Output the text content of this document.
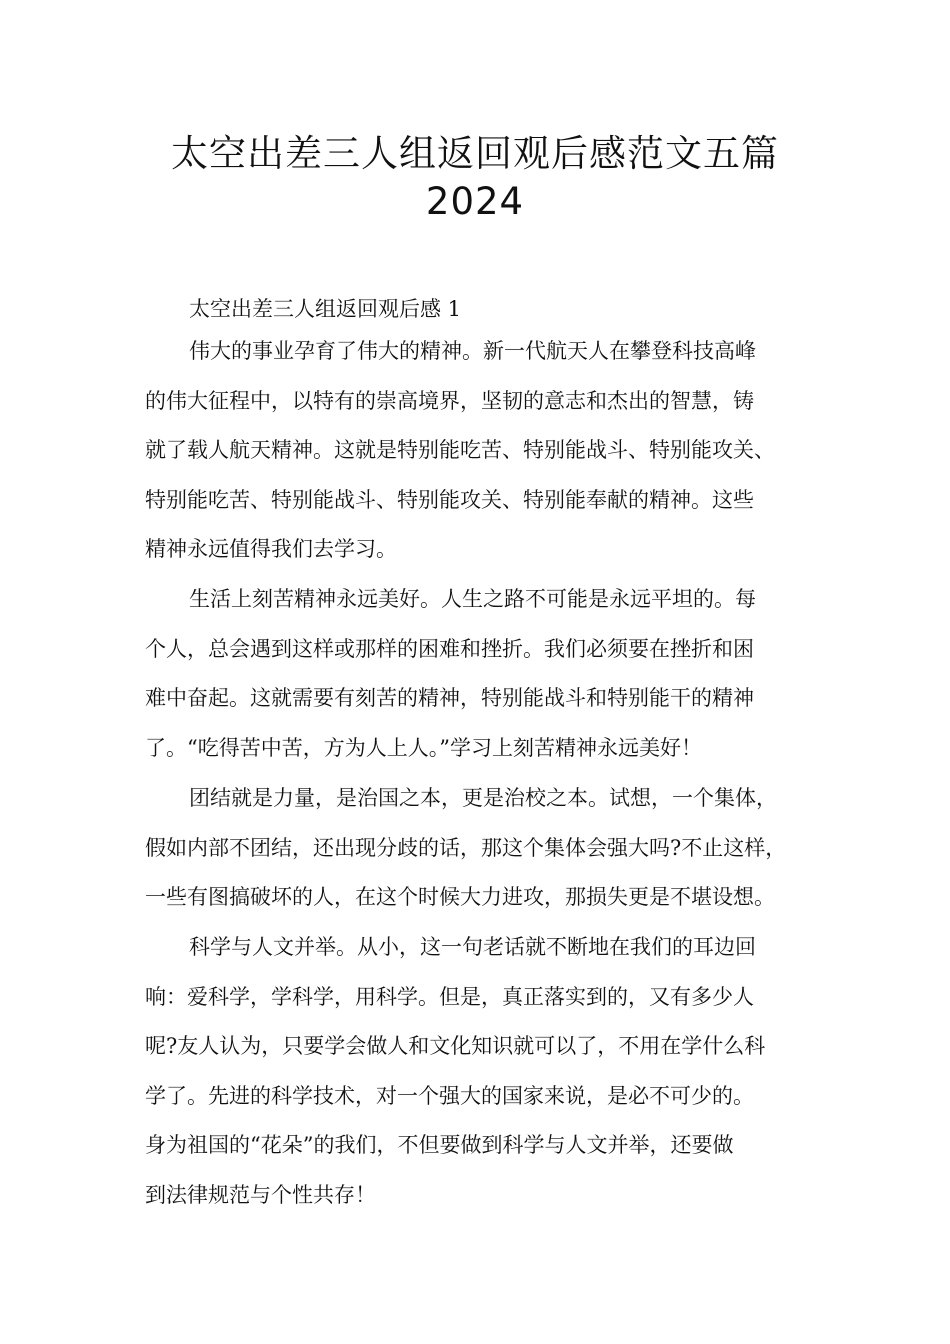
太空出差三人组返回观后感范文五篇
2024
太空出差三人组返回观后感 1
伟大的事业孕育了伟大的精神。新一代航天人在攀登科技高峰
的伟大征程中，以特有的崇高境界，坚韧的意志和杰出的智慧，铸
就了载人航天精神。这就是特别能吃苦、特别能战斗、特别能攻关、
特别能吃苦、特别能战斗、特别能攻关、特别能奉献的精神。这些
精神永远值得我们去学习。
生活上刻苦精神永远美好。人生之路不可能是永远平坦的。每
个人，总会遇到这样或那样的困难和挫折。我们必须要在挫折和困
难中奋起。这就需要有刻苦的精神，特别能战斗和特别能干的精神
了。“吃得苦中苦，方为人上人。”学习上刻苦精神永远美好！
团结就是力量，是治国之本，更是治校之本。试想，一个集体，
假如内部不团结，还出现分歧的话，那这个集体会强大吗?不止这样，
一些有图搞破坏的人，在这个时候大力进攻，那损失更是不堪设想。
科学与人文并举。从小，这一句老话就不断地在我们的耳边回
响：爱科学，学科学，用科学。但是，真正落实到的，又有多少人
呢?友人认为，只要学会做人和文化知识就可以了，不用在学什么科
学了。先进的科学技术，对一个强大的国家来说，是必不可少的。
身为祖国的“花朵”的我们，不但要做到科学与人文并举，还要做
到法律规范与个性共存！
